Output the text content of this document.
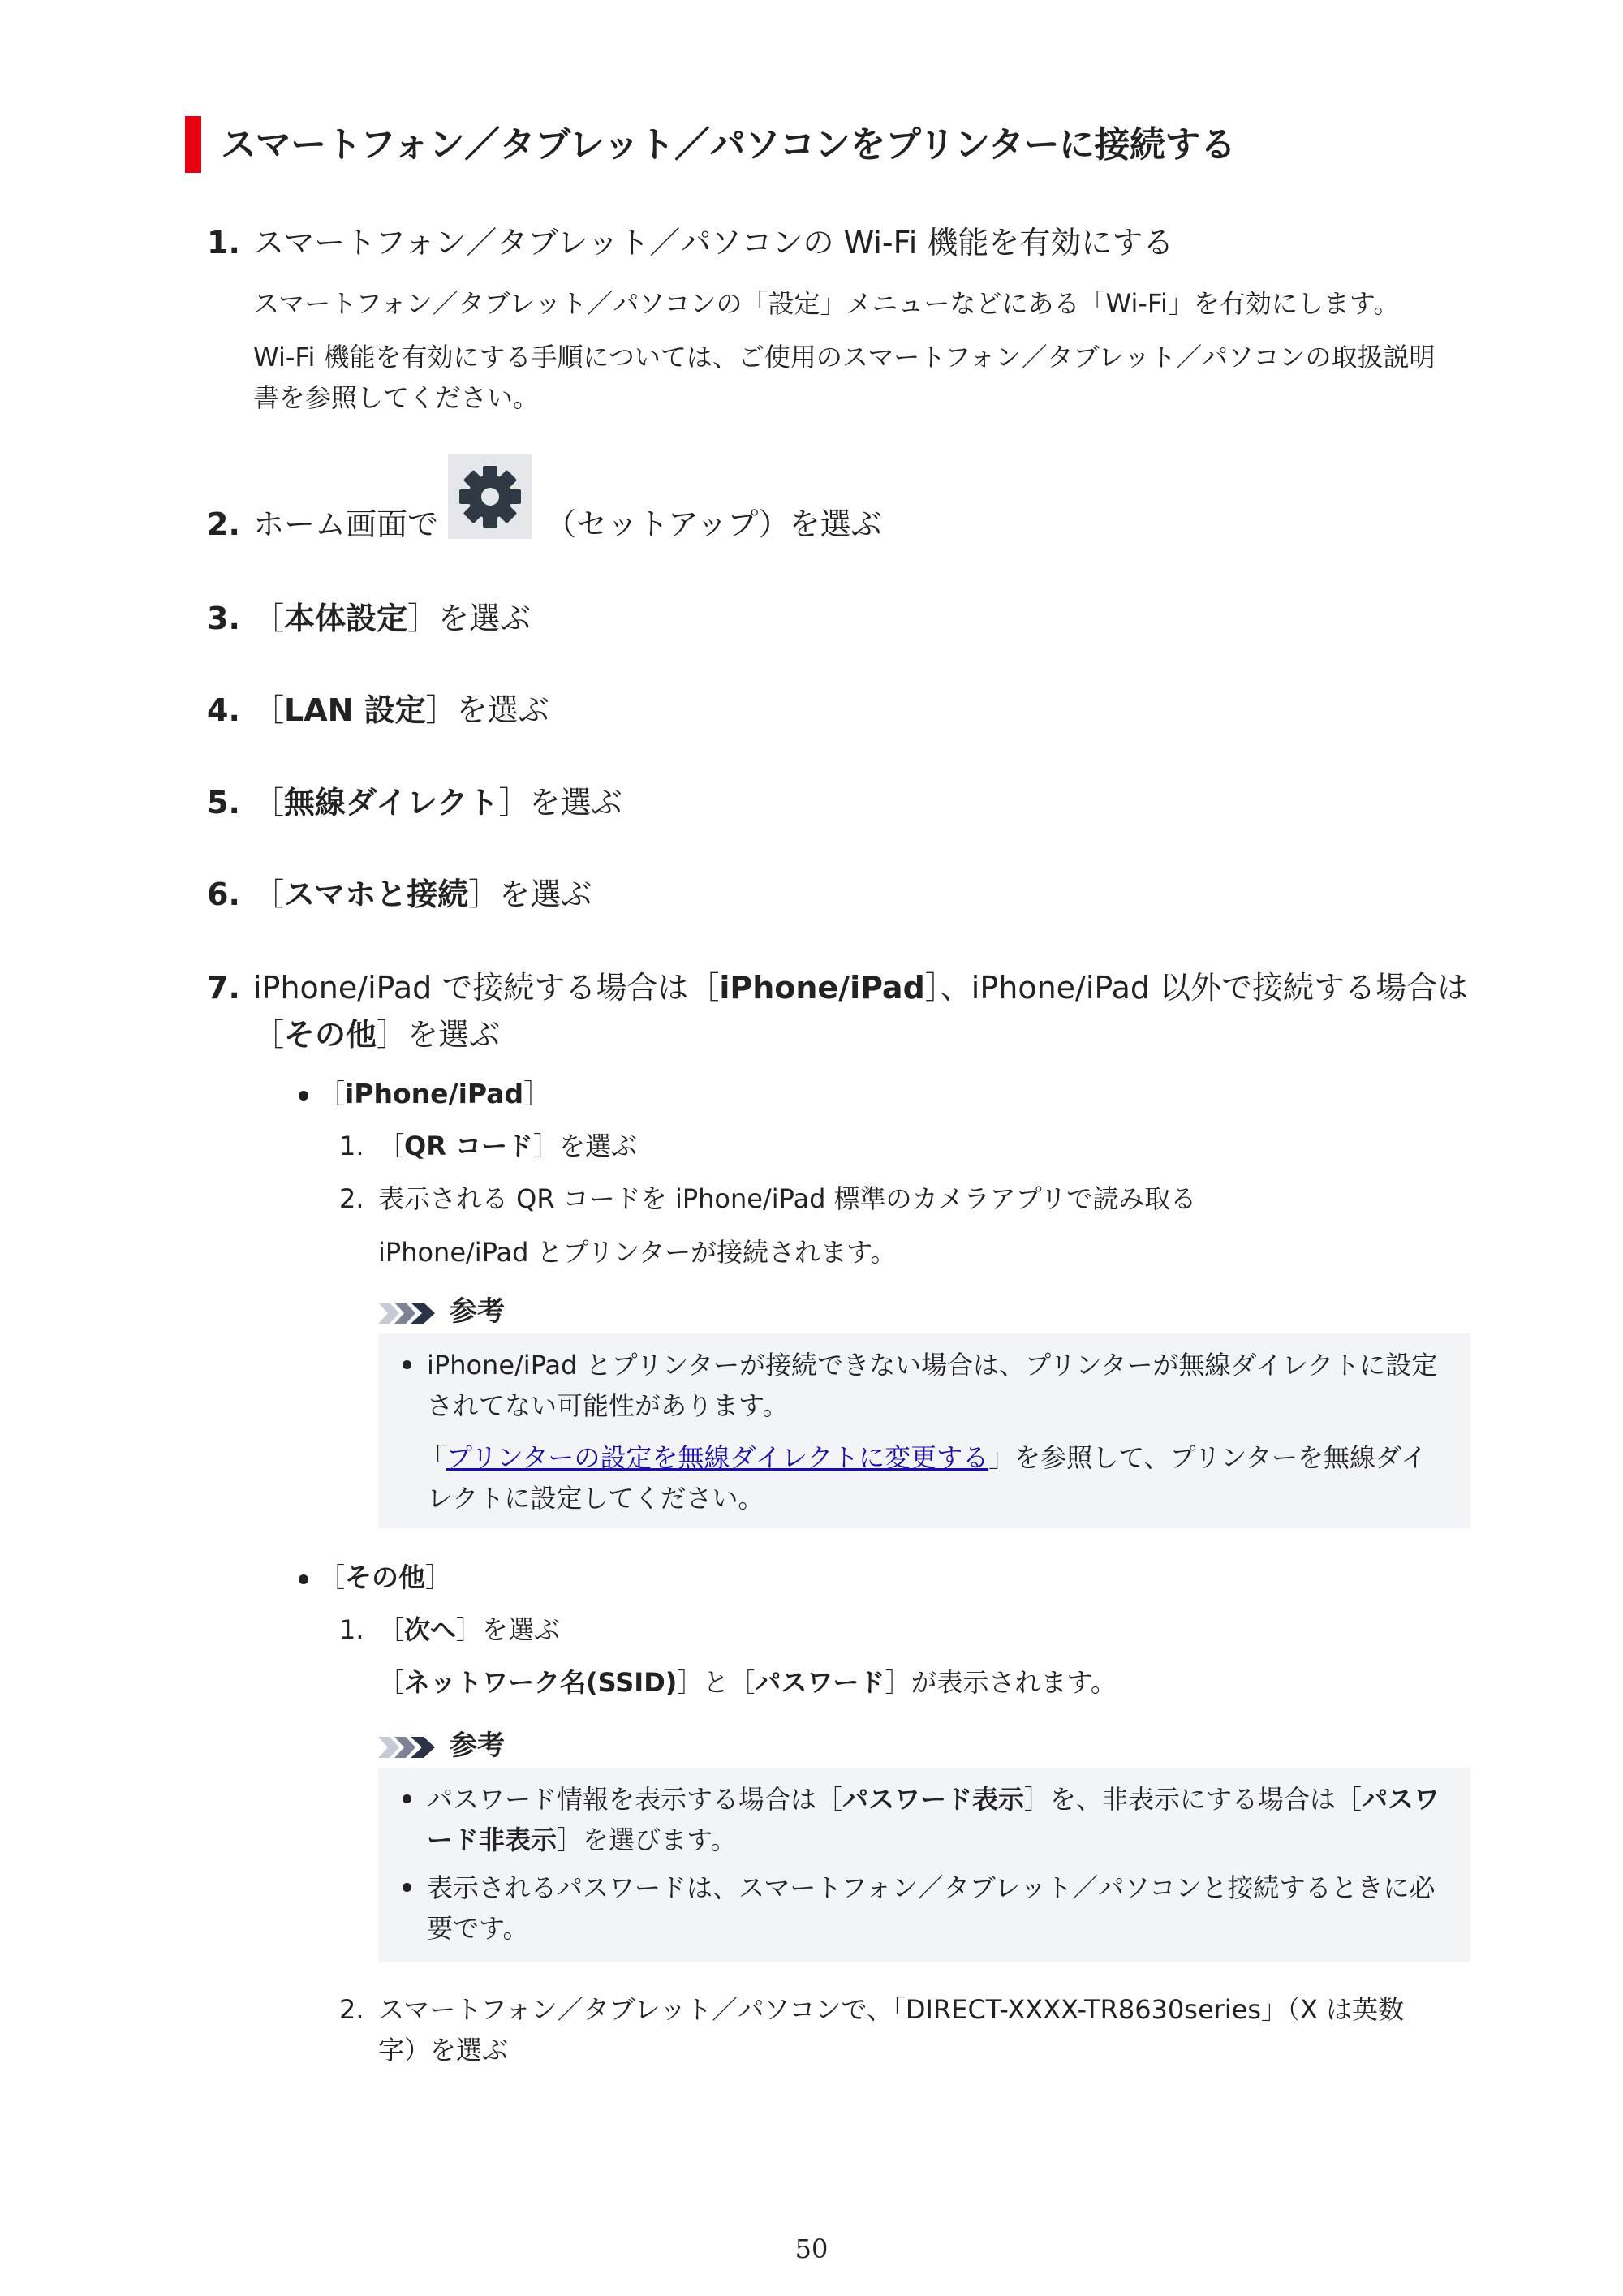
スマートフォン／タブレット／パソコンをプリンターに接続する
1. スマートフォン／タブレット／パソコンの Wi-Fi 機能を有効にする
スマートフォン／タブレット／パソコンの「設定」メニューなどにある「Wi-Fi」を有効にします。
Wi-Fi 機能を有効にする手順については、ご使用のスマートフォン／タブレット／パソコンの取扱説明
書を参照してください。
2. ホーム画面で	（セットアップ）を選ぶ
3. ［本体設定］を選ぶ
4. ［LAN 設定］を選ぶ
5. ［無線ダイレクト］を選ぶ
6. ［スマホと接続］を選ぶ
7. iPhone/iPad で接続する場合は［iPhone/iPad］、iPhone/iPad 以外で接続する場合は
［その他］を選ぶ
［iPhone/iPad］
1. ［QR コード］を選ぶ
2. 表示される QR コードを iPhone/iPad 標準のカメラアプリで読み取る
iPhone/iPad とプリンターが接続されます。
参考
iPhone/iPad とプリンターが接続できない場合は、プリンターが無線ダイレクトに設定
されてない可能性があります。
「プリンターの設定を無線ダイレクトに変更する」を参照して、プリンターを無線ダイ
レクトに設定してください。
［その他］
1. ［次へ］を選ぶ
［ネットワーク名(SSID)］と［パスワード］が表示されます。
参考
パスワード情報を表示する場合は［パスワード表示］を、非表示にする場合は［パスワ
ード非表示］を選びます。
表示されるパスワードは、スマートフォン／タブレット／パソコンと接続するときに必
要です。
2. スマートフォン／タブレット／パソコンで、「DIRECT-XXXX-TR8630series」（X は英数
字）を選ぶ
50
